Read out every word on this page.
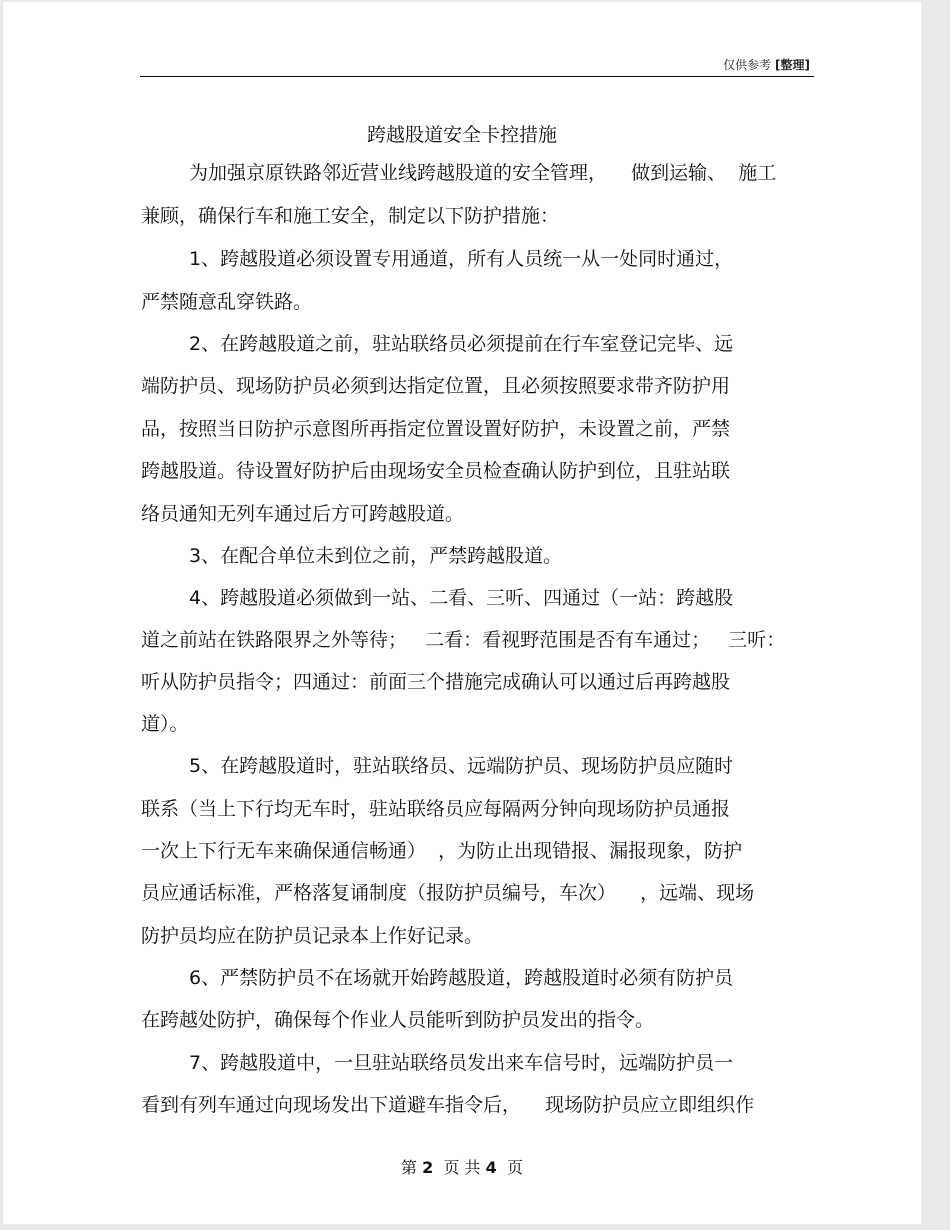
仅供参考 [整理]
跨越股道安全卡控措施
为加强京原铁路邻近营业线跨越股道的安全管理，    做到运输、  施工
兼顾，确保行车和施工安全，制定以下防护措施：
1、跨越股道必须设置专用通道，所有人员统一从一处同时通过，
严禁随意乱穿铁路。
2、在跨越股道之前，驻站联络员必须提前在行车室登记完毕、远
端防护员、现场防护员必须到达指定位置，且必须按照要求带齐防护用
品，按照当日防护示意图所再指定位置设置好防护，未设置之前，严禁
跨越股道。待设置好防护后由现场安全员检查确认防护到位，且驻站联
络员通知无列车通过后方可跨越股道。
3、在配合单位未到位之前，严禁跨越股道。
4、跨越股道必须做到一站、二看、三听、四通过（一站：跨越股
道之前站在铁路限界之外等待；   二看：看视野范围是否有车通过；   三听：
听从防护员指令；四通过：前面三个措施完成确认可以通过后再跨越股
道）。
5、在跨越股道时，驻站联络员、远端防护员、现场防护员应随时
联系（当上下行均无车时，驻站联络员应每隔两分钟向现场防护员通报
一次上下行无车来确保通信畅通）  ，为防止出现错报、漏报现象，防护
员应通话标准，严格落复诵制度（报防护员编号，车次）    ，远端、现场
防护员均应在防护员记录本上作好记录。
6、严禁防护员不在场就开始跨越股道，跨越股道时必须有防护员
在跨越处防护，确保每个作业人员能听到防护员发出的指令。
7、跨越股道中，一旦驻站联络员发出来车信号时，远端防护员一
看到有列车通过向现场发出下道避车指令后，    现场防护员应立即组织作
第 2 页 共 4 页
